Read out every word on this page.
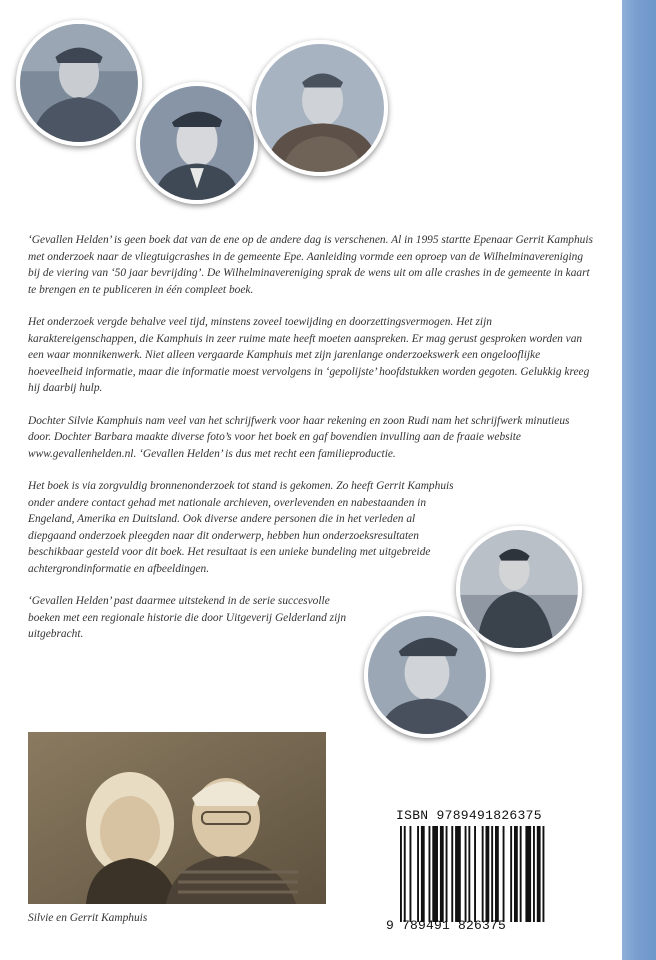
‘Gevallen Helden’ is geen boek dat van de ene op de andere dag is verschenen. Al in 1995 startte Epenaar Gerrit Kamphuis met onderzoek naar de vliegtuigcrashes in de gemeente Epe. Aanleiding vormde een oproep van de Wilhelminavereniging bij de viering van ‘50 jaar bevrijding’. De Wilhelminavereniging sprak de wens uit om alle crashes in de gemeente in kaart te brengen en te publiceren in één compleet boek.

Het onderzoek vergde behalve veel tijd, minstens zoveel toewijding en doorzettingsvermogen. Het zijn karaktereigenschappen, die Kamphuis in zeer ruime mate heeft moeten aanspreken. Er mag gerust gesproken worden van een waar monnikenwerk. Niet alleen vergaarde Kamphuis met zijn jarenlange onderzoekswerk een ongelooflijke hoeveelheid informatie, maar die informatie moest vervolgens in ‘gepolijste’ hoofdstukken worden gegoten. Gelukkig kreeg hij daarbij hulp.

Dochter Silvie Kamphuis nam veel van het schrijfwerk voor haar rekening en zoon Rudi nam het schrijfwerk minutieus door. Dochter Barbara maakte diverse foto’s voor het boek en gaf bovendien invulling aan de fraaie website www.gevallenhelden.nl. ‘Gevallen Helden’ is dus met recht een familieproductie.

Het boek is via zorgvuldig bronnenonderzoek tot stand is gekomen. Zo heeft Gerrit Kamphuis onder andere contact gehad met nationale archieven, overlevenden en nabestaanden in Engeland, Amerika en Duitsland. Ook diverse andere personen die in het verleden al diepgaand onderzoek pleegden naar dit onderwerp, hebben hun onderzoeksresultaten beschikbaar gesteld voor dit boek. Het resultaat is een unieke bundeling met uitgebreide achtergrondinformatie en afbeeldingen.

‘Gevallen Helden’ past daarmee uitstekend in de serie succesvolle boeken met een regionale historie die door Uitgeverij Gelderland zijn uitgebracht.

Silvie en Gerrit Kamphuis
ISBN 9789491826375
9 789491 826375
